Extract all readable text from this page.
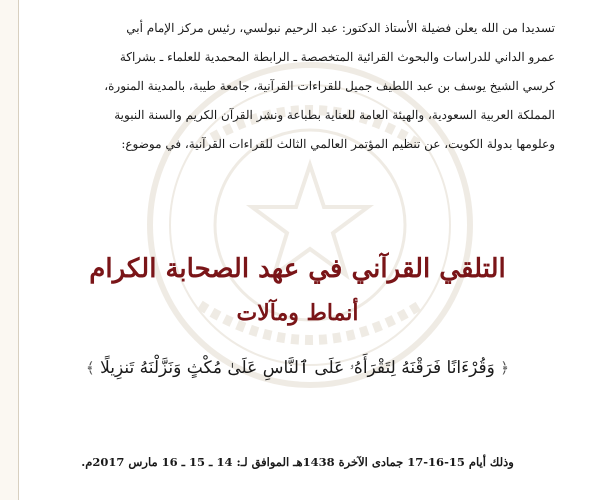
تسديدا من الله يعلن فضيلة الأستاذ الدكتور: عبد الرحيم نبولسي، رئيس مركز الإمام أبي
عمرو الداني للدراسات والبحوث القرائية المتخصصة ـ الرابطة المحمدية للعلماء ـ بشراكة
كرسي الشيخ يوسف بن عبد اللطيف جميل للقراءات القرآنية، جامعة طيبة، بالمدينة المنورة،
المملكة العربية السعودية، والهيئة العامة للعناية بطباعة ونشر القرآن الكريم والسنة النبوية
وعلومها بدولة الكويت، عن تنظيم المؤتمر العالمي الثالث للقراءات القرآنية، في موضوع:
التلقي القرآني في عهد الصحابة الكرام
أنماط ومآلات
﴿ وَقُرْءَانًا فَرَقْنَهُ لِتَقْرَأَهُۥ عَلَى ٱلنَّاسِ عَلَىٰ مُكْثٍ وَنَزَّلْنَهُ تَنزِيلًا ﴾
وذلك أيام 15-16-17 جمادى الآخرة 1438هـ الموافق لـ: 14 ـ 15 ـ 16 مارس 2017م.
